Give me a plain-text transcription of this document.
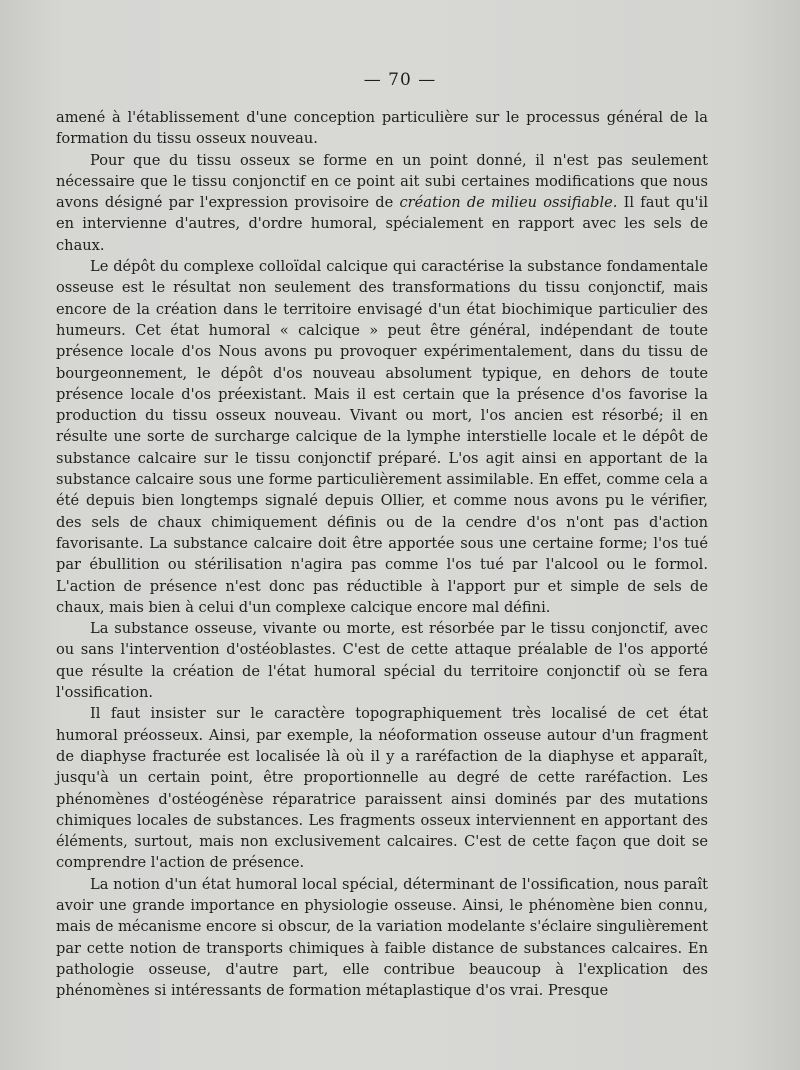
— 70 —

amené à l'établissement d'une conception particulière sur le processus général de la formation du tissu osseux nouveau.

Pour que du tissu osseux se forme en un point donné, il n'est pas seulement nécessaire que le tissu conjonctif en ce point ait subi certaines modifications que nous avons désigné par l'expression provisoire de création de milieu ossifiable. Il faut qu'il en intervienne d'autres, d'ordre humoral, spécialement en rapport avec les sels de chaux.

Le dépôt du complexe colloïdal calcique qui caractérise la substance fondamentale osseuse est le résultat non seulement des transformations du tissu conjonctif, mais encore de la création dans le territoire envisagé d'un état biochimique particulier des humeurs. Cet état humoral « calcique » peut être général, indépendant de toute présence locale d'os Nous avons pu provoquer expérimentalement, dans du tissu de bourgeonnement, le dépôt d'os nouveau absolument typique, en dehors de toute présence locale d'os préexistant. Mais il est certain que la présence d'os favorise la production du tissu osseux nouveau. Vivant ou mort, l'os ancien est résorbé; il en résulte une sorte de surcharge calcique de la lymphe interstielle locale et le dépôt de substance calcaire sur le tissu conjonctif préparé. L'os agit ainsi en apportant de la substance calcaire sous une forme particulièrement assimilable. En effet, comme cela a été depuis bien longtemps signalé depuis Ollier, et comme nous avons pu le vérifier, des sels de chaux chimiquement définis ou de la cendre d'os n'ont pas d'action favorisante. La substance calcaire doit être apportée sous une certaine forme; l'os tué par ébullition ou stérilisation n'agira pas comme l'os tué par l'alcool ou le formol. L'action de présence n'est donc pas réductible à l'apport pur et simple de sels de chaux, mais bien à celui d'un complexe calcique encore mal défini.

La substance osseuse, vivante ou morte, est résorbée par le tissu conjonctif, avec ou sans l'intervention d'ostéoblastes. C'est de cette attaque préalable de l'os apporté que résulte la création de l'état humoral spécial du territoire conjonctif où se fera l'ossification.

Il faut insister sur le caractère topographiquement très localisé de cet état humoral préosseux. Ainsi, par exemple, la néoformation osseuse autour d'un fragment de diaphyse fracturée est localisée là où il y a raréfaction de la diaphyse et apparaît, jusqu'à un certain point, être proportionnelle au degré de cette raréfaction. Les phénomènes d'ostéogénèse réparatrice paraissent ainsi dominés par des mutations chimiques locales de substances. Les fragments osseux interviennent en apportant des éléments, surtout, mais non exclusivement calcaires. C'est de cette façon que doit se comprendre l'action de présence.

La notion d'un état humoral local spécial, déterminant de l'ossification, nous paraît avoir une grande importance en physiologie osseuse. Ainsi, le phénomène bien connu, mais de mécanisme encore si obscur, de la variation modelante s'éclaire singulièrement par cette notion de transports chimiques à faible distance de substances calcaires. En pathologie osseuse, d'autre part, elle contribue beaucoup à l'explication des phénomènes si intéressants de formation métaplastique d'os vrai. Presque
